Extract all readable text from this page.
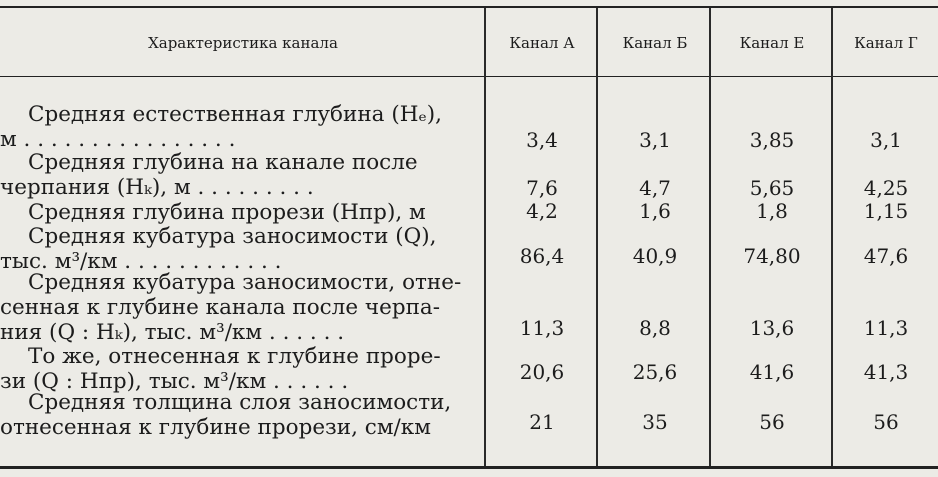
Характеристика канала	Канал А	Канал Б	Канал Е	Канал Г
Средняя естественная глубина (Hₑ),
м . . . . . . . . . . . . . . . .	3,4	3,1	3,85	3,1
Средняя глубина на канале после
черпания (Hₖ), м . . . . . . . . .	7,6	4,7	5,65	4,25
Средняя глубина прорези (Hпр), м	4,2	1,6	1,8	1,15
Средняя кубатура заносимости (Q),
тыс. м³/км . . . . . . . . . . . .	86,4	40,9	74,80	47,6
Средняя кубатура заносимости, отне-
сенная к глубине канала после черпа-
ния (Q : Hₖ), тыс. м³/км . . . . . .	11,3	8,8	13,6	11,3
То же, отнесенная к глубине проре-
зи (Q : Hпр), тыс. м³/км . . . . . .	20,6	25,6	41,6	41,3
Средняя толщина слоя заносимости,
отнесенная к глубине прорези, см/км	21	35	56	56
